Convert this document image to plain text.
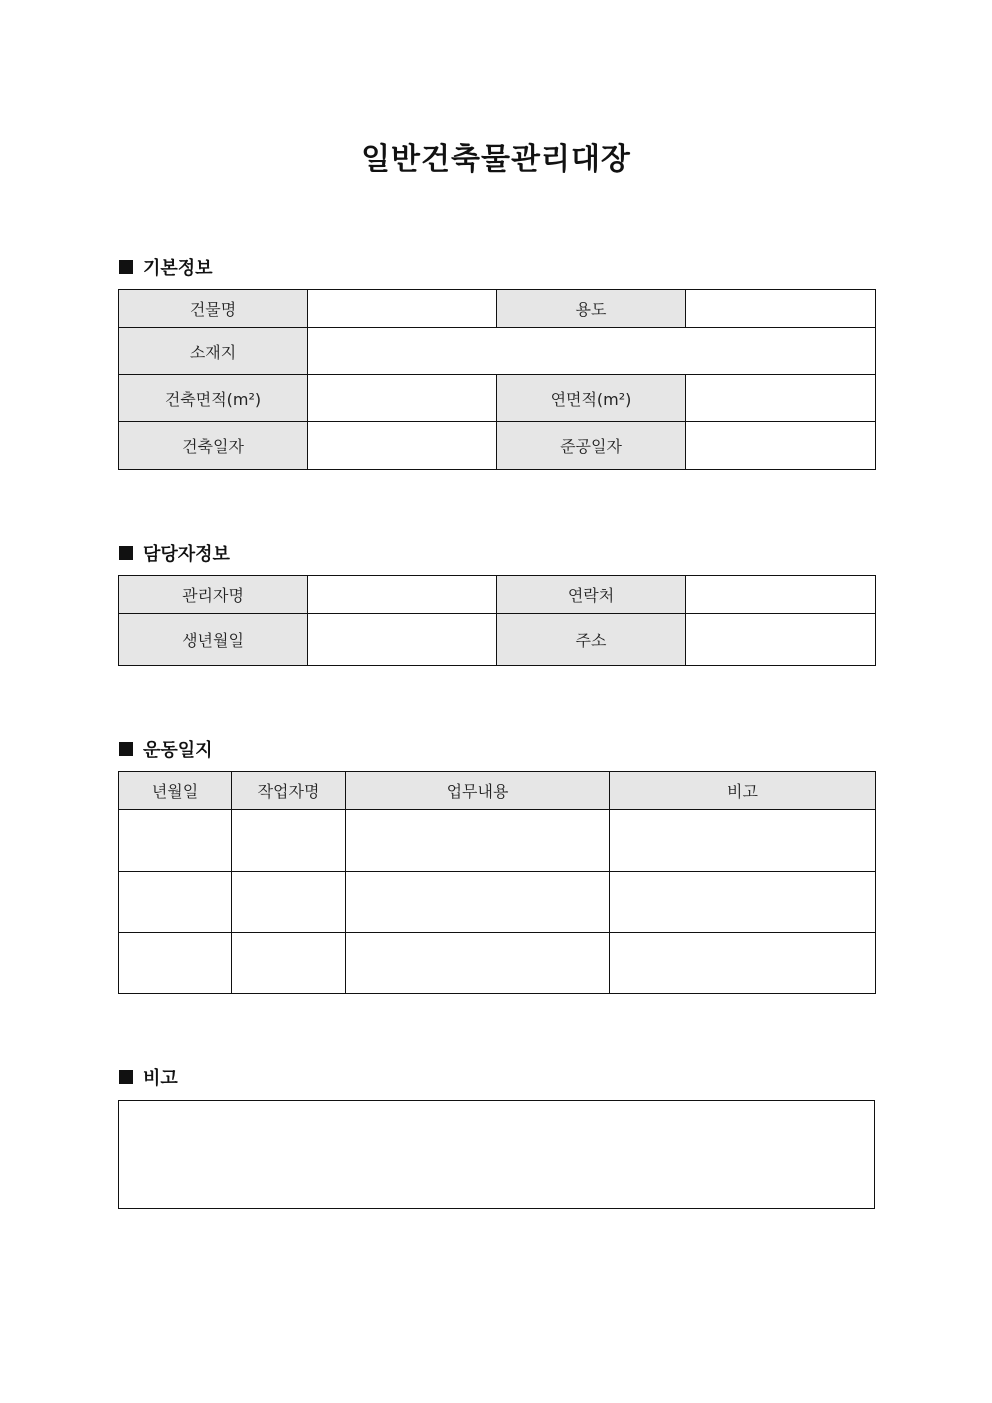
일반건축물관리대장
기본정보
건물명		용도	
소재지			
건축면적(m²)		연면적(m²)	
건축일자		준공일자	
담당자정보
관리자명		연락처	
생년월일		주소	
운동일지
년월일	작업자명	업무내용	비고

비고
